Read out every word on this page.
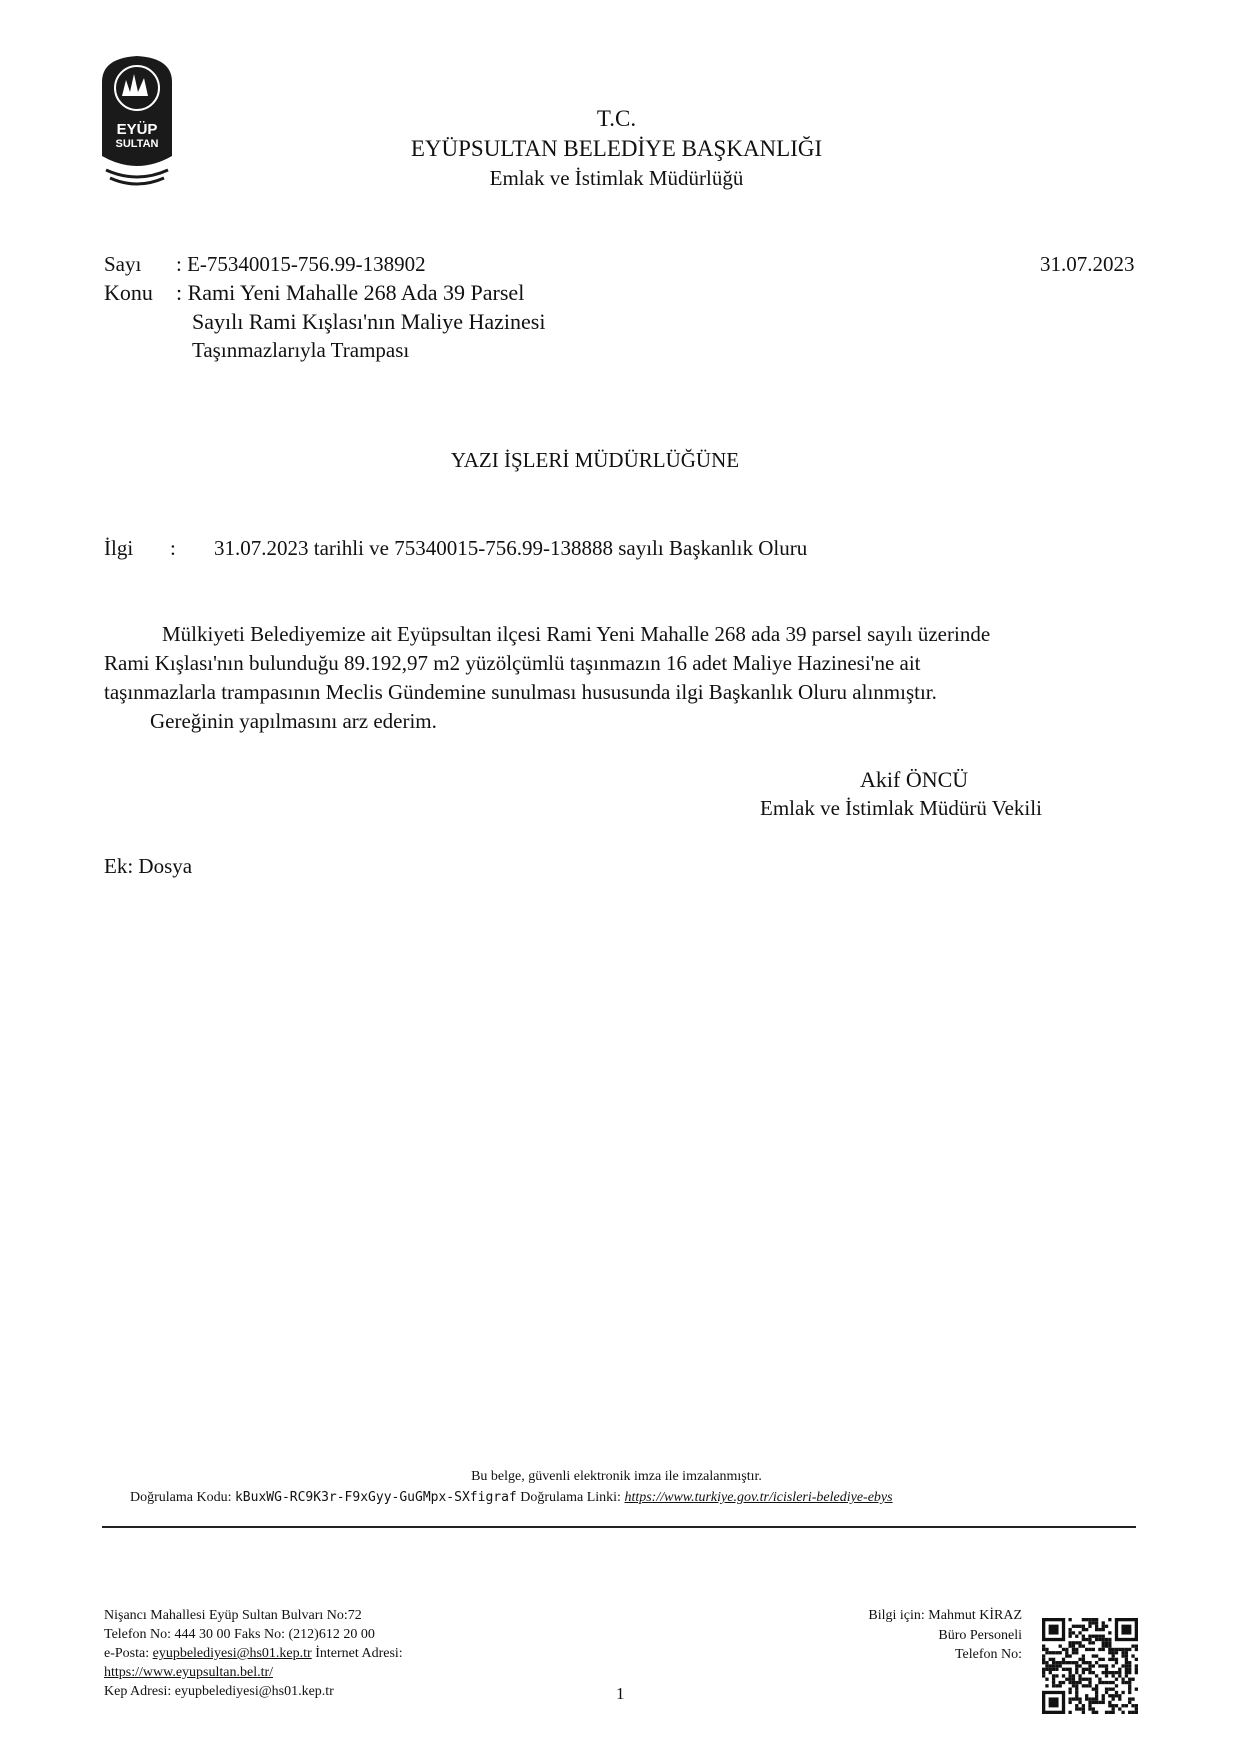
EYÜP
SULTAN
T.C.
EYÜPSULTAN BELEDİYE BAŞKANLIĞI
Emlak ve İstimlak Müdürlüğü
Sayı : E-75340015-756.99-138902	31.07.2023
Konu : Rami Yeni Mahalle 268 Ada 39 Parsel
Sayılı Rami Kışlası'nın Maliye Hazinesi
Taşınmazlarıyla Trampası
YAZI İŞLERİ MÜDÜRLÜĞÜNE
İlgi : 31.07.2023 tarihli ve 75340015-756.99-138888 sayılı Başkanlık Oluru
Mülkiyeti Belediyemize ait Eyüpsultan ilçesi Rami Yeni Mahalle 268 ada 39 parsel sayılı üzerinde
Rami Kışlası'nın bulunduğu 89.192,97 m2 yüzölçümlü taşınmazın 16 adet Maliye Hazinesi'ne ait
taşınmazlarla trampasının Meclis Gündemine sunulması hususunda ilgi Başkanlık Oluru alınmıştır.
Gereğinin yapılmasını arz ederim.
Akif ÖNCÜ
Emlak ve İstimlak Müdürü Vekili
Ek: Dosya
Bu belge, güvenli elektronik imza ile imzalanmıştır.
Doğrulama Kodu: kBuxWG-RC9K3r-F9xGyy-GuGMpx-SXfigraf Doğrulama Linki: https://www.turkiye.gov.tr/icisleri-belediye-ebys
Nişancı Mahallesi Eyüp Sultan Bulvarı No:72
Telefon No: 444 30 00 Faks No: (212)612 20 00
e-Posta: eyupbelediyesi@hs01.kep.tr İnternet Adresi:
https://www.eyupsultan.bel.tr/
Kep Adresi: eyupbelediyesi@hs01.kep.tr	1
Bilgi için: Mahmut KİRAZ
Büro Personeli
Telefon No:
